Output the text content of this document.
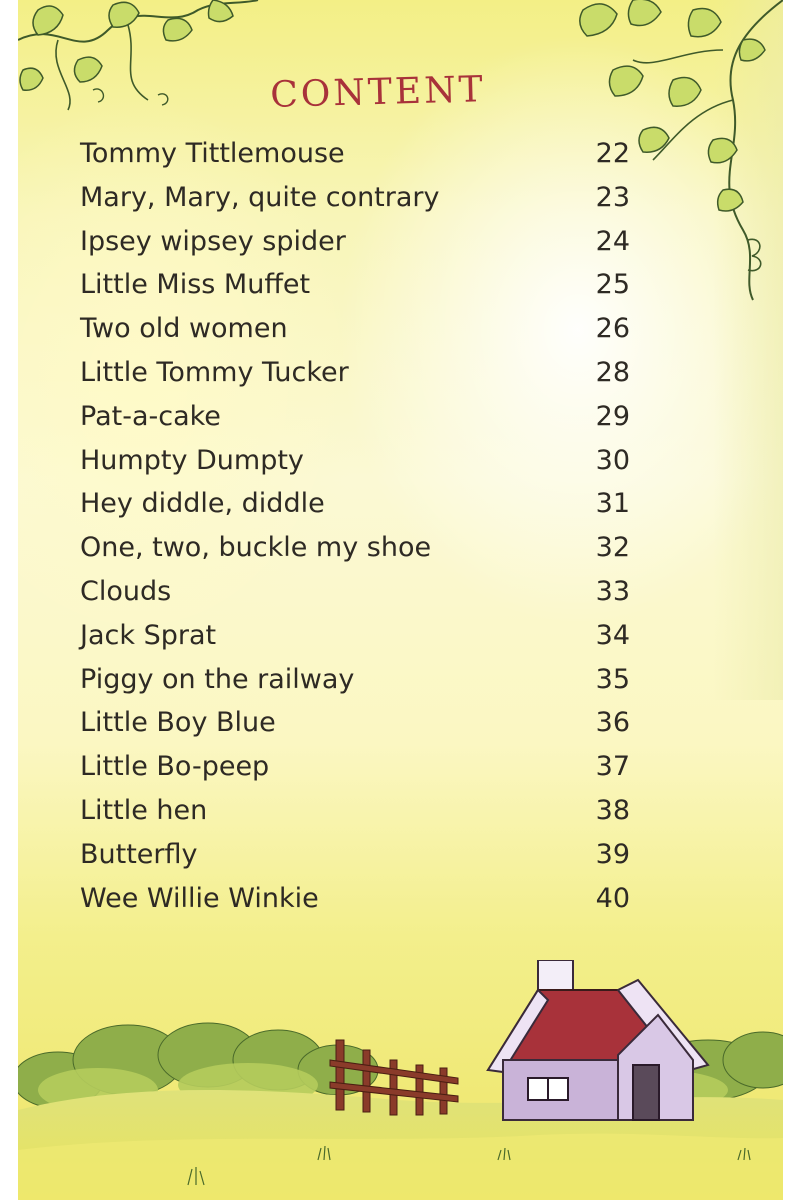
CONTENT
Tommy Tittlemouse	22
Mary, Mary, quite contrary	23
Ipsey wipsey spider	24
Little Miss Muffet	25
Two old women	26
Little Tommy Tucker	28
Pat-a-cake	29
Humpty Dumpty	30
Hey diddle, diddle	31
One, two, buckle my shoe	32
Clouds	33
Jack Sprat	34
Piggy on the railway	35
Little Boy Blue	36
Little Bo-peep	37
Little hen	38
Butterfly	39
Wee Willie Winkie	40
